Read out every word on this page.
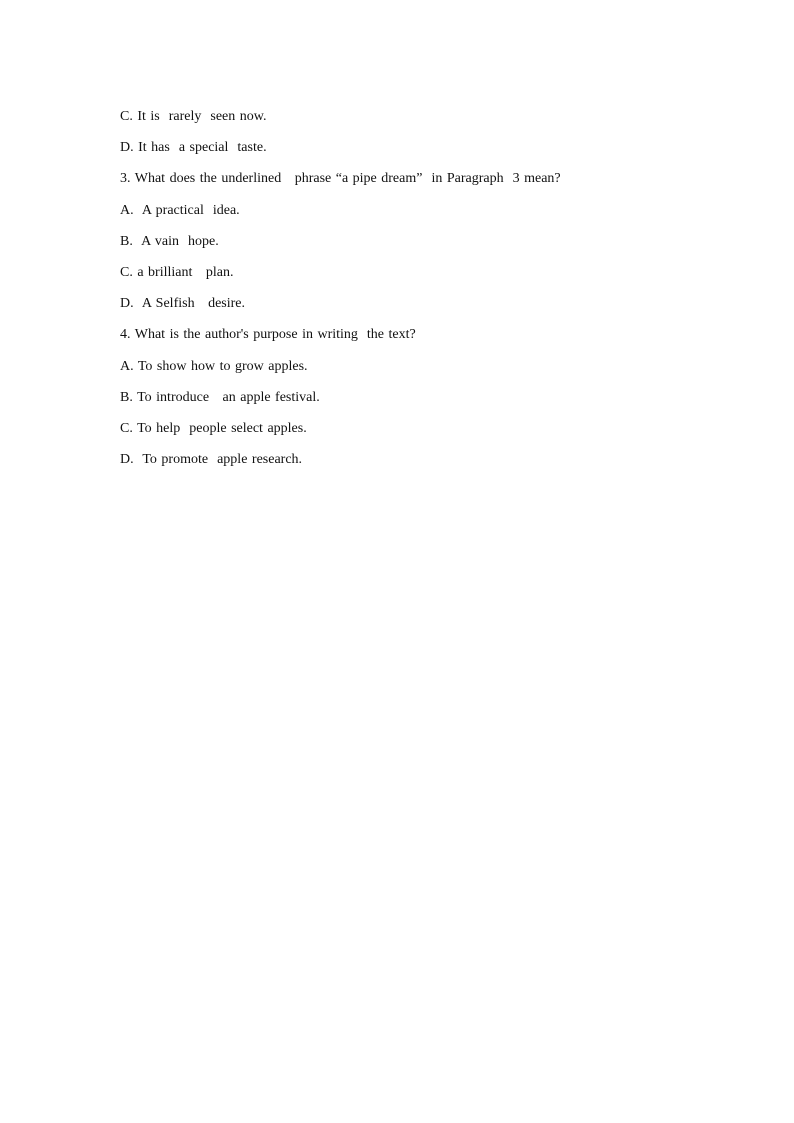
C. It is  rarely  seen now.
D. It has  a special  taste.
3. What does the underlined   phrase “a pipe dream”  in Paragraph  3 mean?
A.  A practical  idea.
B.  A vain  hope.
C. a brilliant   plan.
D.  A Selfish   desire.
4. What is the author's purpose in writing  the text?
A. To show how to grow apples.
B. To introduce   an apple festival.
C. To help  people select apples.
D.  To promote  apple research.
